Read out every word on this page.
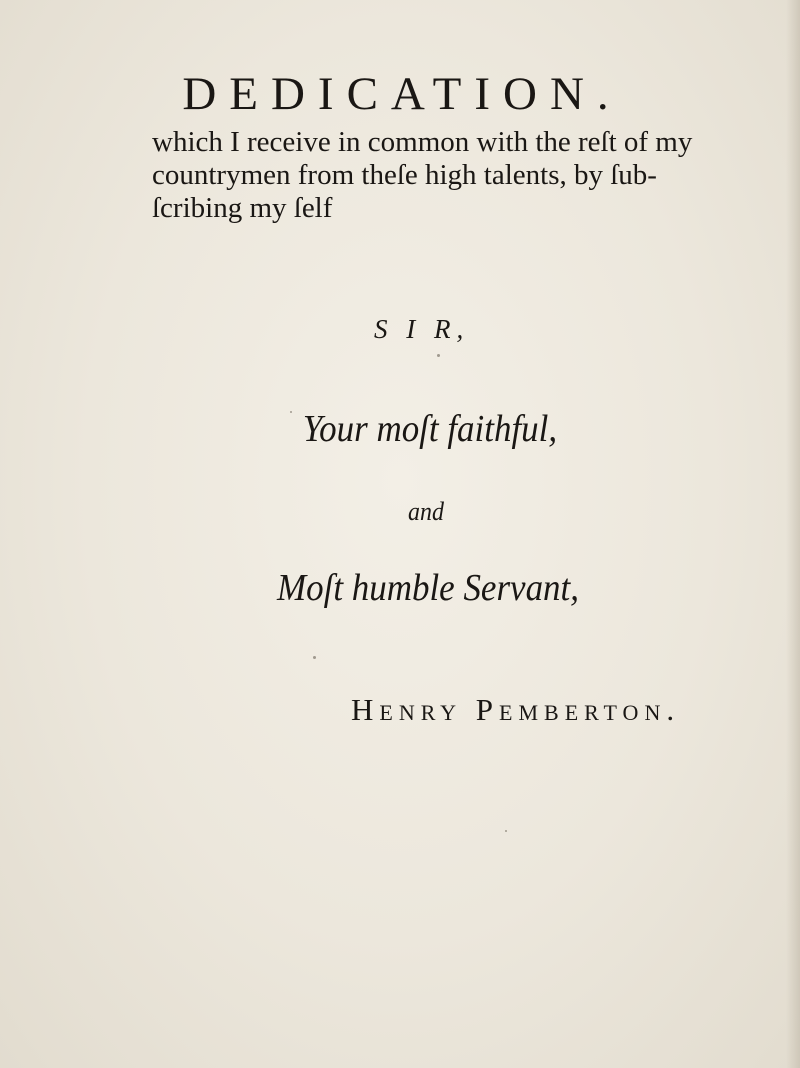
DEDICATION.
which I receive in common with the reſt of my
countrymen from theſe high talents, by ſub-
ſcribing my ſelf

S I R,

Your moſt faithful,

and

Moſt humble Servant,

Henry Pemberton.
